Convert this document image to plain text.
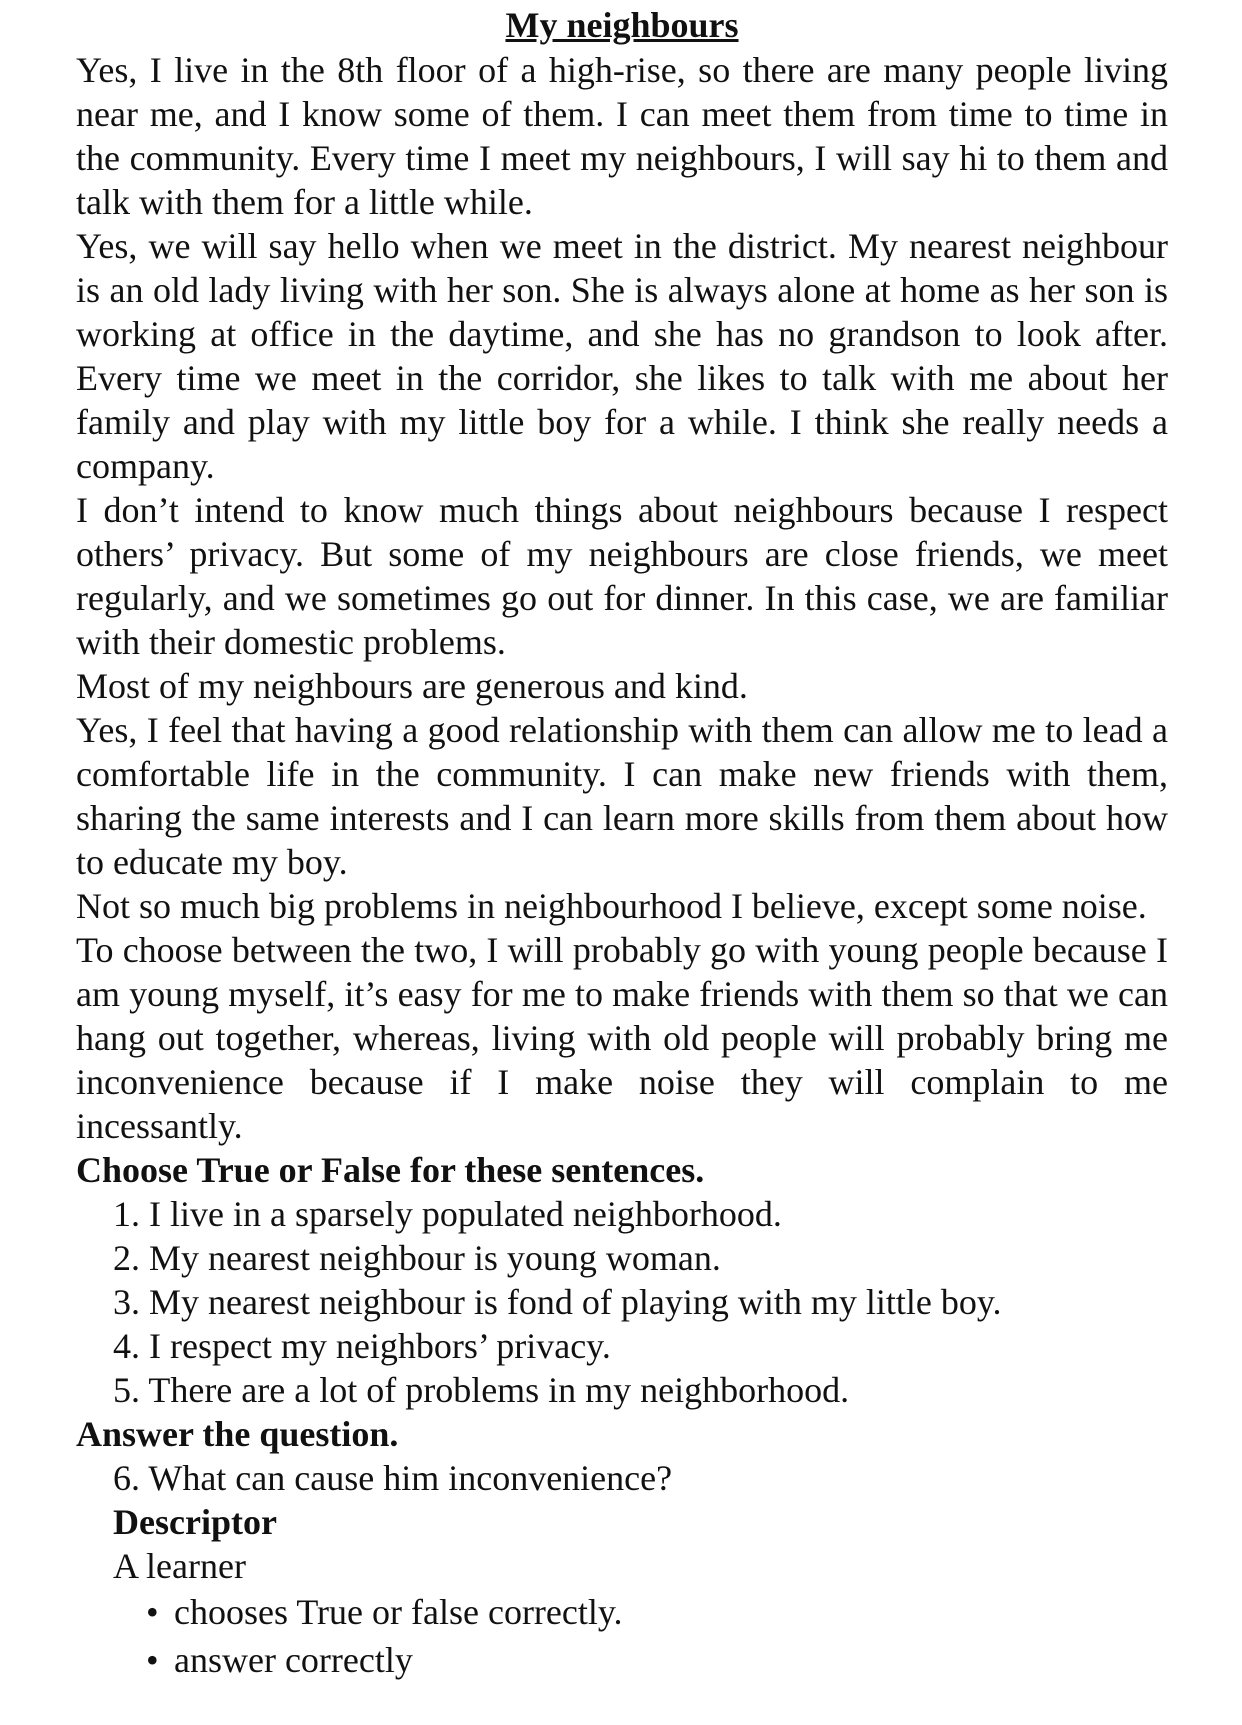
My neighbours

Yes, I live in the 8th floor of a high-rise, so there are many people living near me, and I know some of them. I can meet them from time to time in the community. Every time I meet my neighbours, I will say hi to them and talk with them for a little while.

Yes, we will say hello when we meet in the district. My nearest neighbour is an old lady living with her son. She is always alone at home as her son is working at office in the daytime, and she has no grandson to look after. Every time we meet in the corridor, she likes to talk with me about her family and play with my little boy for a while. I think she really needs a company.

I don’t intend to know much things about neighbours because I respect others’ privacy. But some of my neighbours are close friends, we meet regularly, and we sometimes go out for dinner. In this case, we are familiar with their domestic problems.

Most of my neighbours are generous and kind.

Yes, I feel that having a good relationship with them can allow me to lead a comfortable life in the community. I can make new friends with them, sharing the same interests and I can learn more skills from them about how to educate my boy.

Not so much big problems in neighbourhood I believe, except some noise.

To choose between the two, I will probably go with young people because I am young myself, it’s easy for me to make friends with them so that we can hang out together, whereas, living with old people will probably bring me inconvenience because if I make noise they will complain to me incessantly.

Choose True or False for these sentences.

1. I live in a sparsely populated neighborhood.
2. My nearest neighbour is young woman.
3. My nearest neighbour is fond of playing with my little boy.
4. I respect my neighbors’ privacy.
5. There are a lot of problems in my neighborhood.

Answer the question.

6. What can cause him inconvenience?
Descriptor
A learner
• chooses True or false correctly.
• answer correctly
